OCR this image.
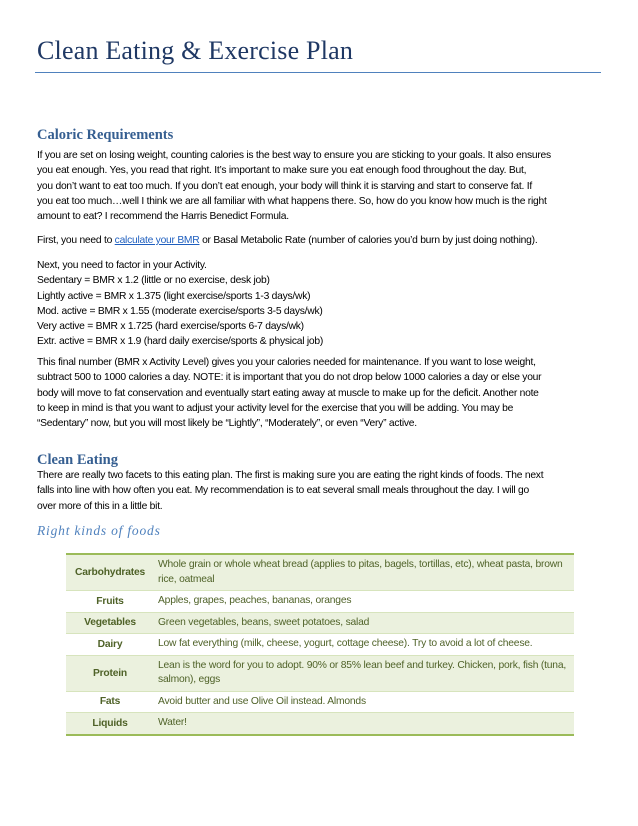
Clean Eating & Exercise Plan
Caloric Requirements
If you are set on losing weight, counting calories is the best way to ensure you are sticking to your goals. It also ensures
you eat enough. Yes, you read that right. It’s important to make sure you eat enough food throughout the day. But,
you don’t want to eat too much. If you don’t eat enough, your body will think it is starving and start to conserve fat. If
you eat too much…well I think we are all familiar with what happens there. So, how do you know how much is the right
amount to eat? I recommend the Harris Benedict Formula.
First, you need to calculate your BMR or Basal Metabolic Rate (number of calories you’d burn by just doing nothing).
Next, you need to factor in your Activity.
Sedentary = BMR x 1.2 (little or no exercise, desk job)
Lightly active = BMR x 1.375 (light exercise/sports 1-3 days/wk)
Mod. active = BMR x 1.55 (moderate exercise/sports 3-5 days/wk)
Very active = BMR x 1.725 (hard exercise/sports 6-7 days/wk)
Extr. active = BMR x 1.9 (hard daily exercise/sports & physical job)
This final number (BMR x Activity Level) gives you your calories needed for maintenance. If you want to lose weight,
subtract 500 to 1000 calories a day. NOTE: it is important that you do not drop below 1000 calories a day or else your
body will move to fat conservation and eventually start eating away at muscle to make up for the deficit. Another note
to keep in mind is that you want to adjust your activity level for the exercise that you will be adding. You may be
“Sedentary” now, but you will most likely be “Lightly”, “Moderately”, or even “Very” active.
Clean Eating
There are really two facets to this eating plan. The first is making sure you are eating the right kinds of foods. The next
falls into line with how often you eat. My recommendation is to eat several small meals throughout the day. I will go
over more of this in a little bit.
Right kinds of foods
Carbohydrates	Whole grain or whole wheat bread (applies to pitas, bagels, tortillas, etc), wheat pasta, brown rice, oatmeal
Fruits	Apples, grapes, peaches, bananas, oranges
Vegetables	Green vegetables, beans, sweet potatoes, salad
Dairy	Low fat everything (milk, cheese, yogurt, cottage cheese). Try to avoid a lot of cheese.
Protein	Lean is the word for you to adopt. 90% or 85% lean beef and turkey. Chicken, pork, fish (tuna, salmon), eggs
Fats	Avoid butter and use Olive Oil instead. Almonds
Liquids	Water!
